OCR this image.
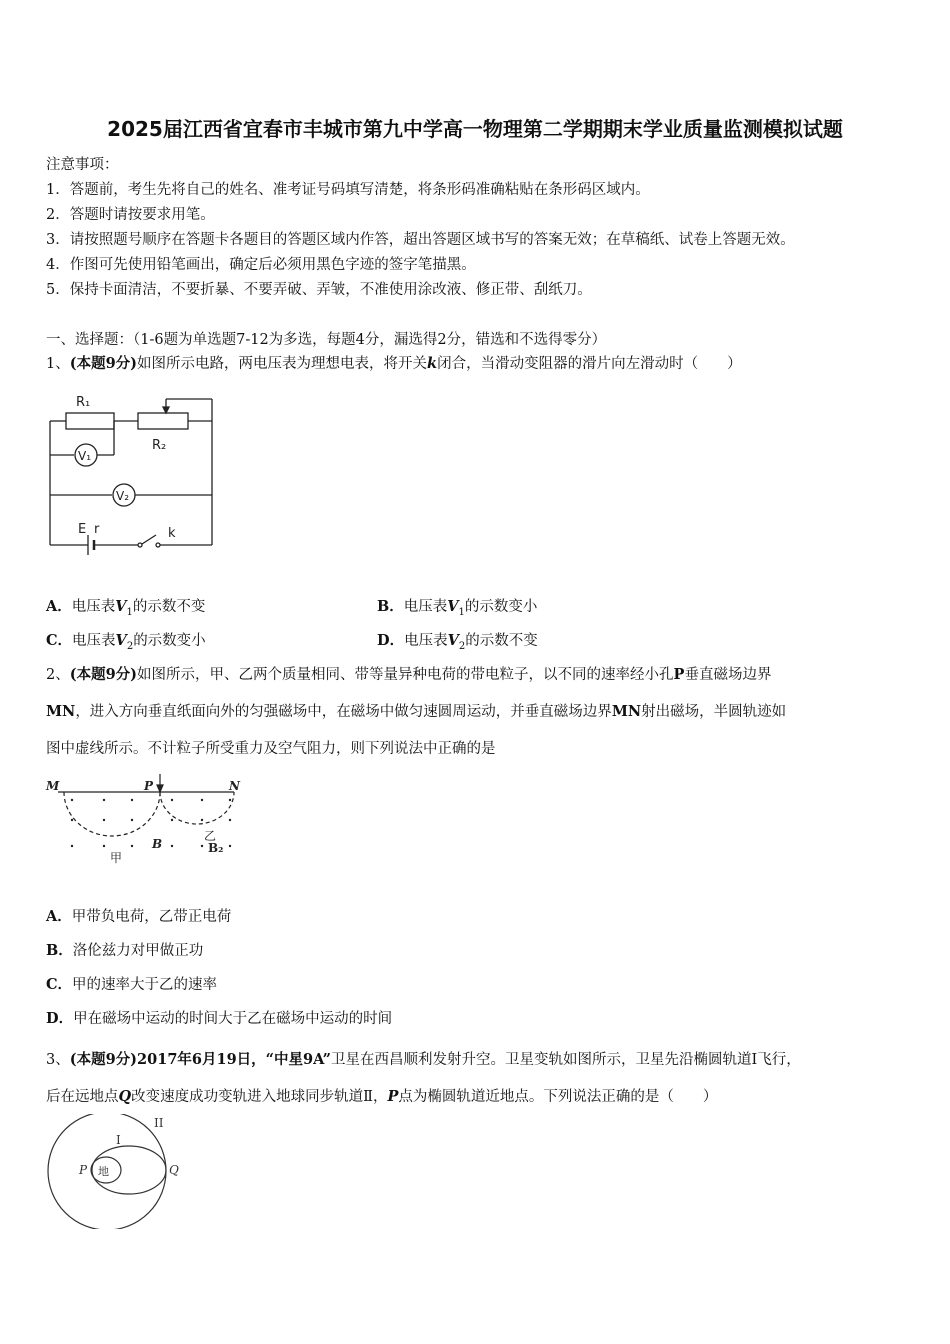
2025届江西省宜春市丰城市第九中学高一物理第二学期期末学业质量监测模拟试题
注意事项：
1．答题前，考生先将自己的姓名、准考证号码填写清楚，将条形码准确粘贴在条形码区域内。
2．答题时请按要求用笔。
3．请按照题号顺序在答题卡各题目的答题区域内作答，超出答题区域书写的答案无效；在草稿纸、试卷上答题无效。
4．作图可先使用铅笔画出，确定后必须用黑色字迹的签字笔描黑。
5．保持卡面清洁，不要折暴、不要弄破、弄皱，不准使用涂改液、修正带、刮纸刀。
一、选择题：（1-6题为单选题7-12为多选，每题4分，漏选得2分，错选和不选得零分）
1、(本题9分)如图所示电路，两电压表为理想电表，将开关k闭合，当滑动变阻器的滑片向左滑动时（　　）
R₁
R₂
V₁
V₂
E r	k
A．电压表$V_1$的示数不变	B．电压表$V_1$的示数变小
C．电压表$V_2$的示数变小	D．电压表$V_2$的示数不变
2、(本题9分)如图所示，甲、乙两个质量相同、带等量异种电荷的带电粒子，以不同的速率经小孔P垂直磁场边界
MN，进入方向垂直纸面向外的匀强磁场中，在磁场中做匀速圆周运动，并垂直磁场边界MN射出磁场，半圆轨迹如
图中虚线所示。不计粒子所受重力及空气阻力，则下列说法中正确的是
M	P	N
B
甲
乙
B₂
A．甲带负电荷，乙带正电荷
B．洛伦兹力对甲做正功
C．甲的速率大于乙的速率
D．甲在磁场中运动的时间大于乙在磁场中运动的时间
3、(本题9分)2017年6月19日，“中星9A”卫星在西昌顺利发射升空。卫星变轨如图所示，卫星先沿椭圆轨道Ⅰ飞行，
后在远地点Q改变速度成功变轨进入地球同步轨道Ⅱ，P点为椭圆轨道近地点。下列说法正确的是（　　）
I
II
P 地	Q
